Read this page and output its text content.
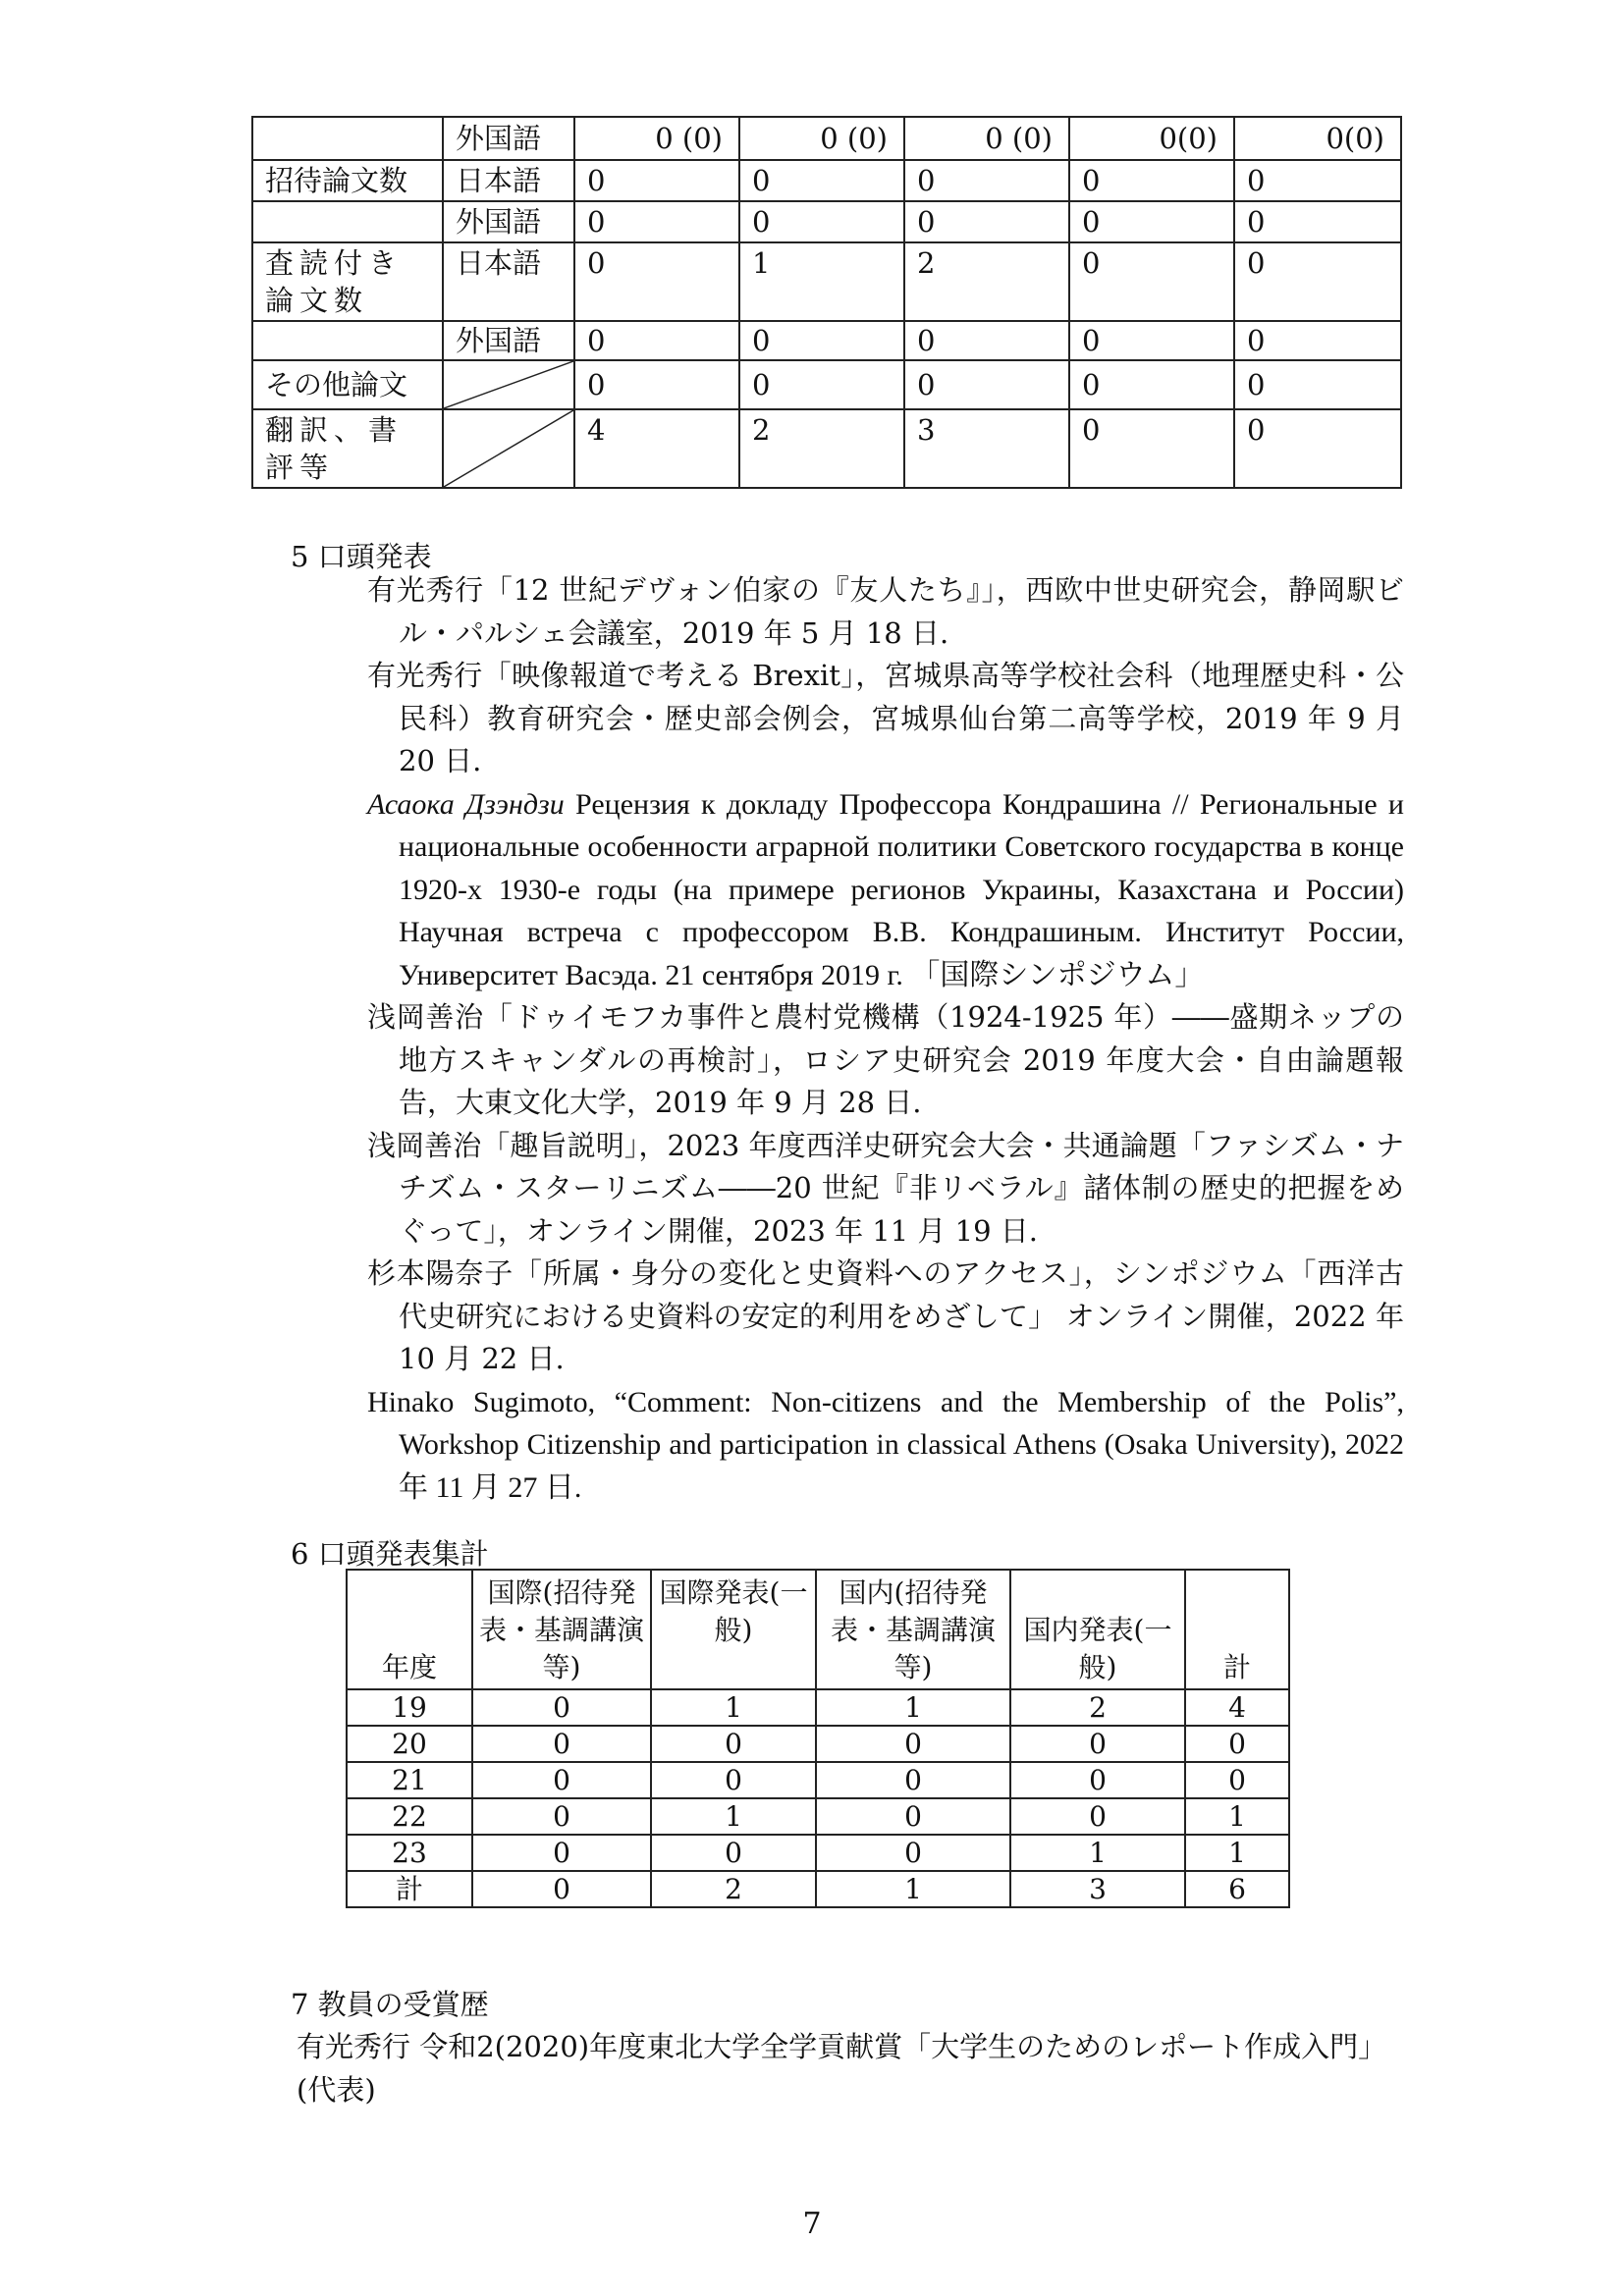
	外国語	0 (0)	0 (0)	0 (0)	0(0)	0(0)
招待論文数	日本語	0	0	0	0	0
	外国語	0	0	0	0	0
査読付き論文数	日本語	0	1	2	0	0
	外国語	0	0	0	0	0
その他論文		0	0	0	0	0
翻訳、書評等		4	2	3	0	0
5 口頭発表
有光秀行「12 世紀デヴォン伯家の『友人たち』」，西欧中世史研究会，静岡駅ビル・パルシェ会議室，2019 年 5 月 18 日.
有光秀行「映像報道で考える Brexit」，宮城県高等学校社会科（地理歴史科・公民科）教育研究会・歴史部会例会，宮城県仙台第二高等学校，2019 年 9 月 20 日.
Асаока Дзэндзи Рецензия к докладу Профессора Кондрашина // Региональные и национальные особенности аграрной политики Советского государства в конце 1920-х 1930-е годы (на примере регионов Украины, Казахстана и России) Научная встреча с профессором В.В. Кондрашиным. Институт России, Университет Васэда. 21 сентября 2019 г. 「国際シンポジウム」
浅岡善治「ドゥイモフカ事件と農村党機構（1924-1925 年）――盛期ネップの地方スキャンダルの再検討」，ロシア史研究会 2019 年度大会・自由論題報告，大東文化大学，2019 年 9 月 28 日.
浅岡善治「趣旨説明」，2023 年度西洋史研究会大会・共通論題「ファシズム・ナチズム・スターリニズム――20 世紀『非リベラル』諸体制の歴史的把握をめぐって」，オンライン開催，2023 年 11 月 19 日.
杉本陽奈子「所属・身分の変化と史資料へのアクセス」，シンポジウム「西洋古代史研究における史資料の安定的利用をめざして」 オンライン開催，2022 年 10 月 22 日.
Hinako Sugimoto, “Comment: Non-citizens and the Membership of the Polis”, Workshop Citizenship and participation in classical Athens (Osaka University), 2022 年 11 月 27 日.
6 口頭発表集計
年度	国際(招待発表・基調講演等)	国際発表(一般)	国内(招待発表・基調講演等)	国内発表(一般)	計
19	0	1	1	2	4
20	0	0	0	0	0
21	0	0	0	0	0
22	0	1	0	0	1
23	0	0	0	1	1
計	0	2	1	3	6
7 教員の受賞歴
有光秀行 令和2(2020)年度東北大学全学貢献賞「大学生のためのレポート作成入門」(代表)
7
